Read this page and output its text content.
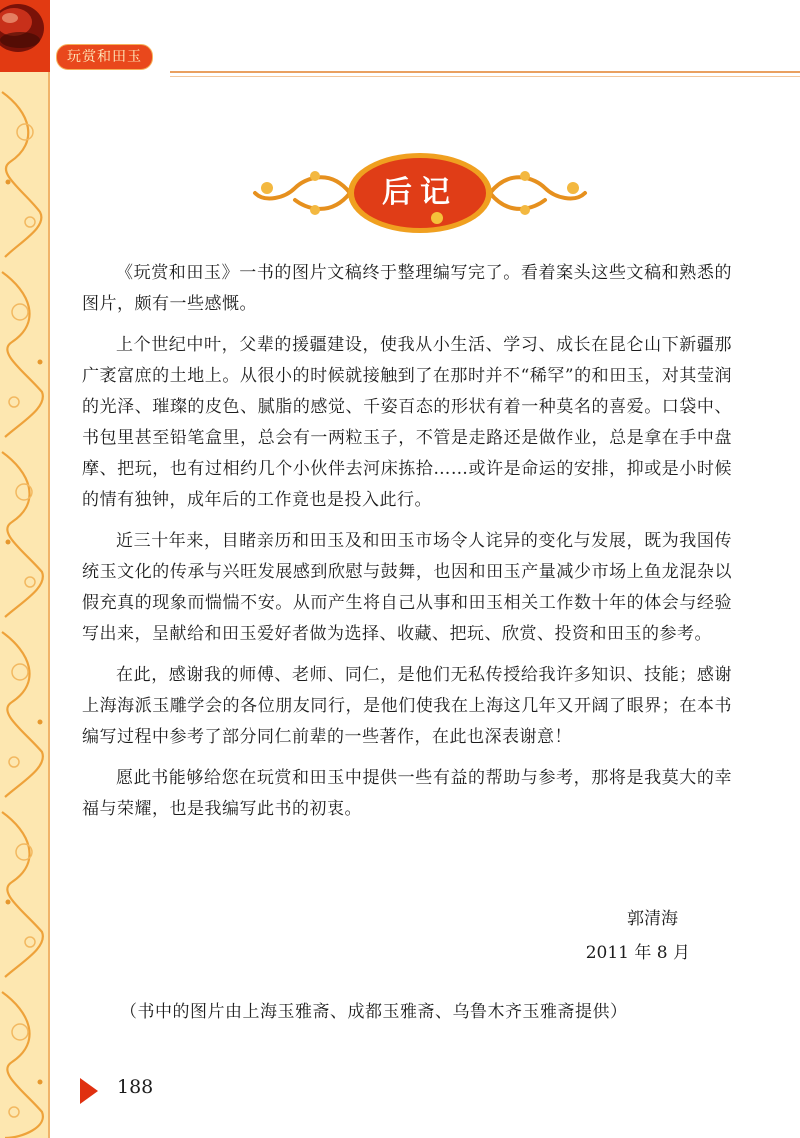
玩赏和田玉
后记

《玩赏和田玉》一书的图片文稿终于整理编写完了。看着案头这些文稿和熟悉的图片，颇有一些感慨。

上个世纪中叶，父辈的援疆建设，使我从小生活、学习、成长在昆仑山下新疆那广袤富庶的土地上。从很小的时候就接触到了在那时并不“稀罕”的和田玉，对其莹润的光泽、璀璨的皮色、腻脂的感觉、千姿百态的形状有着一种莫名的喜爱。口袋中、书包里甚至铅笔盒里，总会有一两粒玉子，不管是走路还是做作业，总是拿在手中盘摩、把玩，也有过相约几个小伙伴去河床拣拾……或许是命运的安排，抑或是小时候的情有独钟，成年后的工作竟也是投入此行。

近三十年来，目睹亲历和田玉及和田玉市场令人诧异的变化与发展，既为我国传统玉文化的传承与兴旺发展感到欣慰与鼓舞，也因和田玉产量减少市场上鱼龙混杂以假充真的现象而惴惴不安。从而产生将自己从事和田玉相关工作数十年的体会与经验写出来，呈献给和田玉爱好者做为选择、收藏、把玩、欣赏、投资和田玉的参考。

在此，感谢我的师傅、老师、同仁，是他们无私传授给我许多知识、技能；感谢上海海派玉雕学会的各位朋友同行，是他们使我在上海这几年又开阔了眼界；在本书编写过程中参考了部分同仁前辈的一些著作，在此也深表谢意！

愿此书能够给您在玩赏和田玉中提供一些有益的帮助与参考，那将是我莫大的幸福与荣耀，也是我编写此书的初衷。

郭清海
2011 年 8 月
（书中的图片由上海玉雅斋、成都玉雅斋、乌鲁木齐玉雅斋提供）
188
